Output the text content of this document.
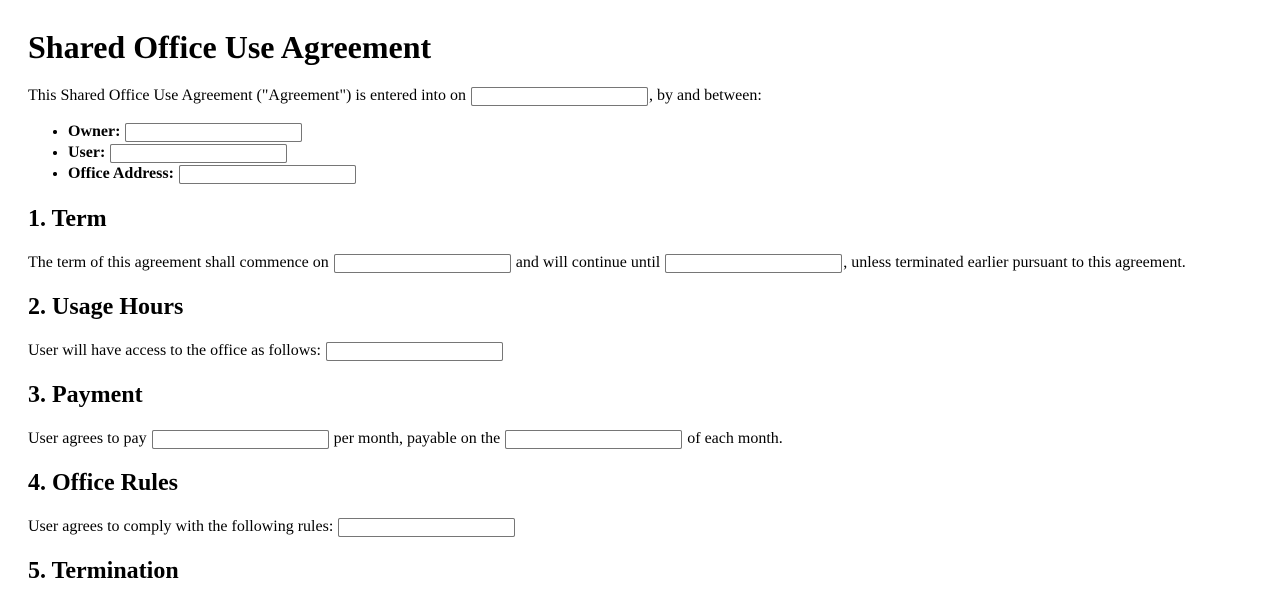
Shared Office Use Agreement

This Shared Office Use Agreement ("Agreement") is entered into on	, by and between:

• Owner:
• User:
• Office Address:
1. Term

The term of this agreement shall commence on	and will continue until	, unless terminated earlier pursuant to this agreement.

2. Usage Hours

User will have access to the office as follows:

3. Payment

User agrees to pay	per month, payable on the	of each month.

4. Office Rules

User agrees to comply with the following rules:

5. Termination
